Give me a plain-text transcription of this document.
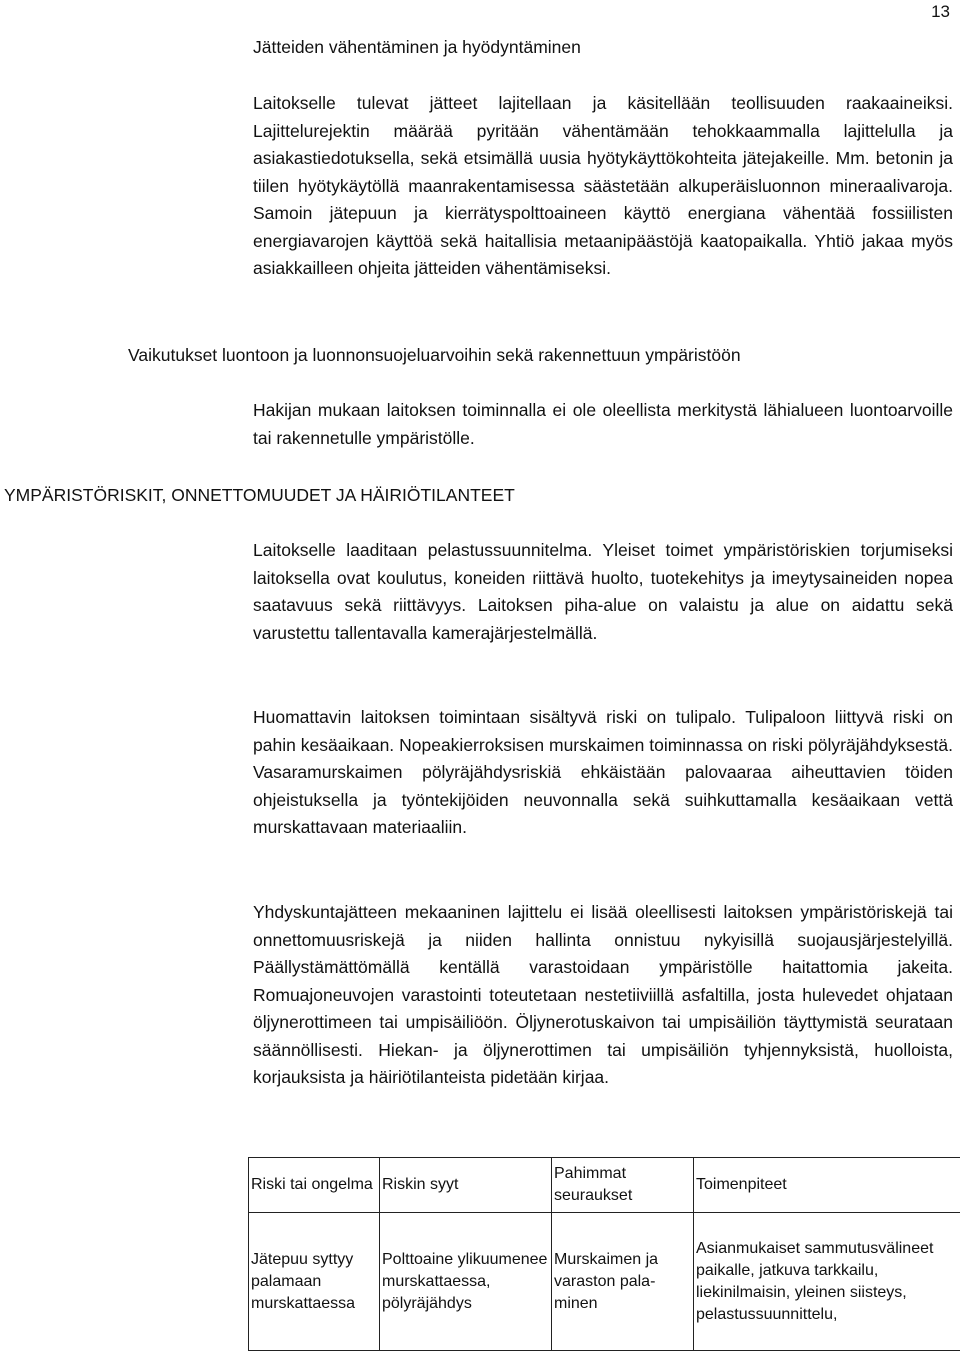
13
Jätteiden vähentäminen ja hyödyntäminen

Laitokselle tulevat jätteet lajitellaan ja käsitellään teollisuuden raakaaineiksi. Lajittelurejektin määrää pyritään vähentämään tehokkaammalla lajittelulla ja asiakastiedotuksella, sekä etsimällä uusia hyötykäyttökohteita jätejakeille. Mm. betonin ja tiilen hyötykäytöllä maanrakentamisessa säästetään alkuperäisluonnon mineraalivaroja. Samoin jätepuun ja kierrätyspolttoaineen käyttö energiana vähentää fossiilisten energiavarojen käyttöä sekä haitallisia metaanipäästöjä kaatopaikalla. Yhtiö jakaa myös asiakkailleen ohjeita jätteiden vähentämiseksi.

Vaikutukset luontoon ja luonnonsuojeluarvoihin sekä rakennettuun ympäristöön

Hakijan mukaan laitoksen toiminnalla ei ole oleellista merkitystä lähialueen luontoarvoille tai rakennetulle ympäristölle.

YMPÄRISTÖRISKIT, ONNETTOMUUDET JA HÄIRIÖTILANTEET

Laitokselle laaditaan pelastussuunnitelma. Yleiset toimet ympäristöriskien torjumiseksi laitoksella ovat koulutus, koneiden riittävä huolto, tuotekehitys ja imeytysaineiden nopea saatavuus sekä riittävyys. Laitoksen piha-alue on valaistu ja alue on aidattu sekä varustettu tallentavalla kamerajärjestelmällä.

Huomattavin laitoksen toimintaan sisältyvä riski on tulipalo. Tulipaloon liittyvä riski on pahin kesäaikaan. Nopeakierroksisen murskaimen toiminnassa on riski pölyräjähdyksestä. Vasaramurskaimen pölyräjähdysriskiä ehkäistään palovaaraa aiheuttavien töiden ohjeistuksella ja työntekijöiden neuvonnalla sekä suihkuttamalla kesäaikaan vettä murskattavaan materiaaliin.

Yhdyskuntajätteen mekaaninen lajittelu ei lisää oleellisesti laitoksen ympäristöriskejä tai onnettomuusriskejä ja niiden hallinta onnistuu nykyisillä suojausjärjestelyillä. Päällystämättömällä kentällä varastoidaan ympäristölle haitattomia jakeita. Romuajoneuvojen varastointi toteutetaan nestetiiviillä asfaltilla, josta hulevedet ohjataan öljynerottimeen tai umpisäiliöön. Öljynerotuskaivon tai umpisäiliön täyttymistä seurataan säännöllisesti. Hiekan- ja öljynerottimen tai umpisäiliön tyhjennyksistä, huolloista, korjauksista ja häiriötilanteista pidetään kirjaa.

Riski tai ongelma	Riskin syyt	Pahimmat seuraukset	Toimenpiteet
Jätepuu syttyy palamaan murskattaessa	Polttoaine ylikuumenee murskattaessa, pölyräjähdys	Murskaimen ja varaston palaminen	Asianmukaiset sammutusvälineet paikalle, jatkuva tarkkailu, liekinilmaisin, yleinen siisteys, pelastussuunnittelu,
